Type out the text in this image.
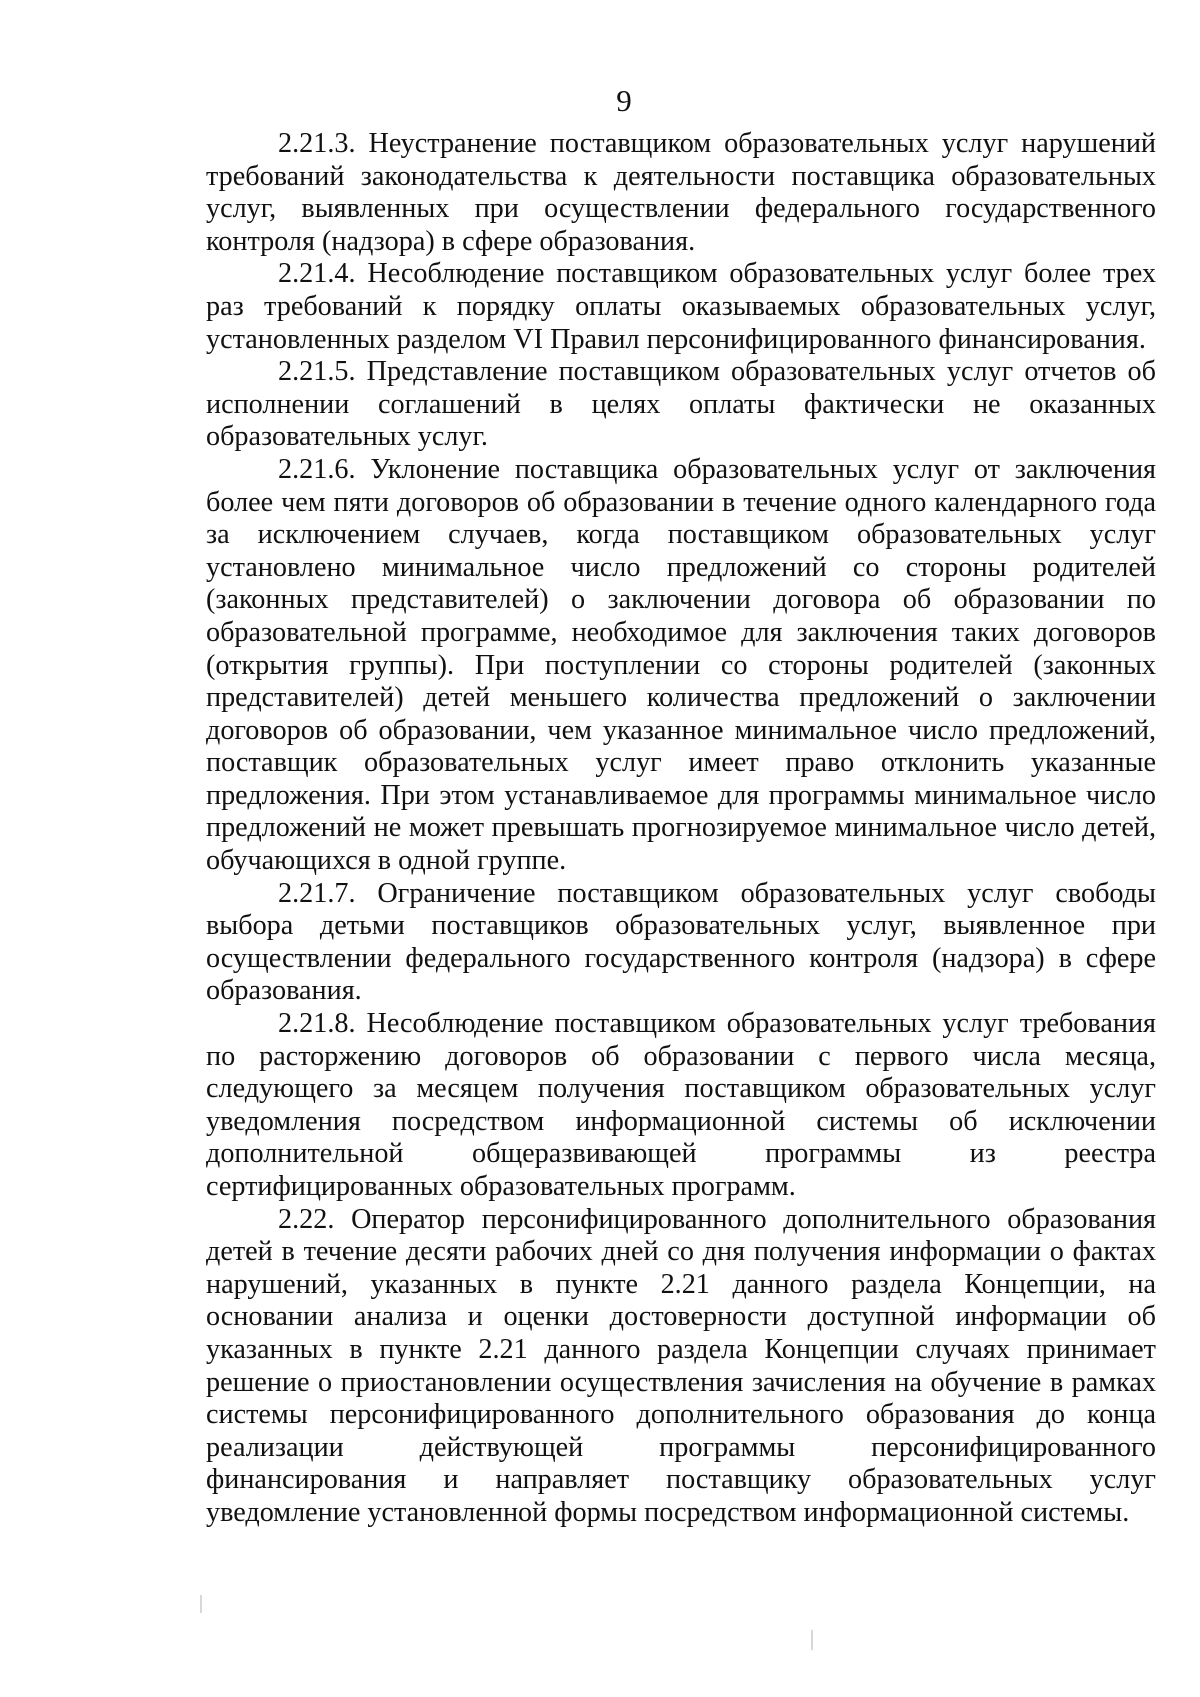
9

2.21.3. Неустранение поставщиком образовательных услуг нарушений требований законодательства к деятельности поставщика образовательных услуг, выявленных при осуществлении федерального государственного контроля (надзора) в сфере образования.

2.21.4. Несоблюдение поставщиком образовательных услуг более трех раз требований к порядку оплаты оказываемых образовательных услуг, установленных разделом VI Правил персонифицированного финансирования.

2.21.5. Представление поставщиком образовательных услуг отчетов об исполнении соглашений в целях оплаты фактически не оказанных образовательных услуг.

2.21.6. Уклонение поставщика образовательных услуг от заключения более чем пяти договоров об образовании в течение одного календарного года за исключением случаев, когда поставщиком образовательных услуг установлено минимальное число предложений со стороны родителей (законных представителей) о заключении договора об образовании по образовательной программе, необходимое для заключения таких договоров (открытия группы). При поступлении со стороны родителей (законных представителей) детей меньшего количества предложений о заключении договоров об образовании, чем указанное минимальное число предложений, поставщик образовательных услуг имеет право отклонить указанные предложения. При этом устанавливаемое для программы минимальное число предложений не может превышать прогнозируемое минимальное число детей, обучающихся в одной группе.

2.21.7. Ограничение поставщиком образовательных услуг свободы выбора детьми поставщиков образовательных услуг, выявленное при осуществлении федерального государственного контроля (надзора) в сфере образования.

2.21.8. Несоблюдение поставщиком образовательных услуг требования по расторжению договоров об образовании с первого числа месяца, следующего за месяцем получения поставщиком образовательных услуг уведомления посредством информационной системы об исключении дополнительной общеразвивающей программы из реестра сертифицированных образовательных программ.

2.22. Оператор персонифицированного дополнительного образования детей в течение десяти рабочих дней со дня получения информации о фактах нарушений, указанных в пункте 2.21 данного раздела Концепции, на основании анализа и оценки достоверности доступной информации об указанных в пункте 2.21 данного раздела Концепции случаях принимает решение о приостановлении осуществления зачисления на обучение в рамках системы персонифицированного дополнительного образования до конца реализации действующей программы персонифицированного финансирования и направляет поставщику образовательных услуг уведомление установленной формы посредством информационной системы.
